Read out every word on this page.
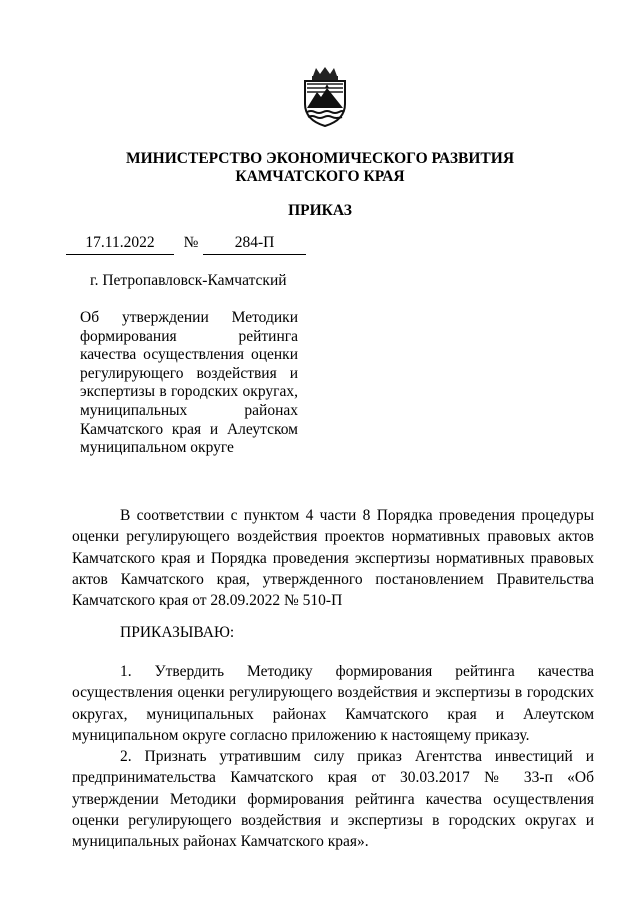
МИНИСТЕРСТВО ЭКОНОМИЧЕСКОГО РАЗВИТИЯ
КАМЧАТСКОГО КРАЯ
ПРИКАЗ
17.11.2022	№	284-П
г. Петропавловск-Камчатский
Об утверждении Методики формирования рейтинга качества осуществления оценки регулирующего воздействия и экспертизы в городских округах, муниципальных районах Камчатского края и Алеутском муниципальном округе

В соответствии с пунктом 4 части 8 Порядка проведения процедуры оценки регулирующего воздействия проектов нормативных правовых актов Камчатского края и Порядка проведения экспертизы нормативных правовых актов Камчатского края, утвержденного постановлением Правительства Камчатского края от 28.09.2022 № 510-П

ПРИКАЗЫВАЮ:

1. Утвердить Методику формирования рейтинга качества осуществления оценки регулирующего воздействия и экспертизы в городских округах, муниципальных районах Камчатского края и Алеутском муниципальном округе согласно приложению к настоящему приказу.

2. Признать утратившим силу приказ Агентства инвестиций и предпринимательства Камчатского края от 30.03.2017 № 33-п «Об утверждении Методики формирования рейтинга качества осуществления оценки регулирующего воздействия и экспертизы в городских округах и муниципальных районах Камчатского края».
